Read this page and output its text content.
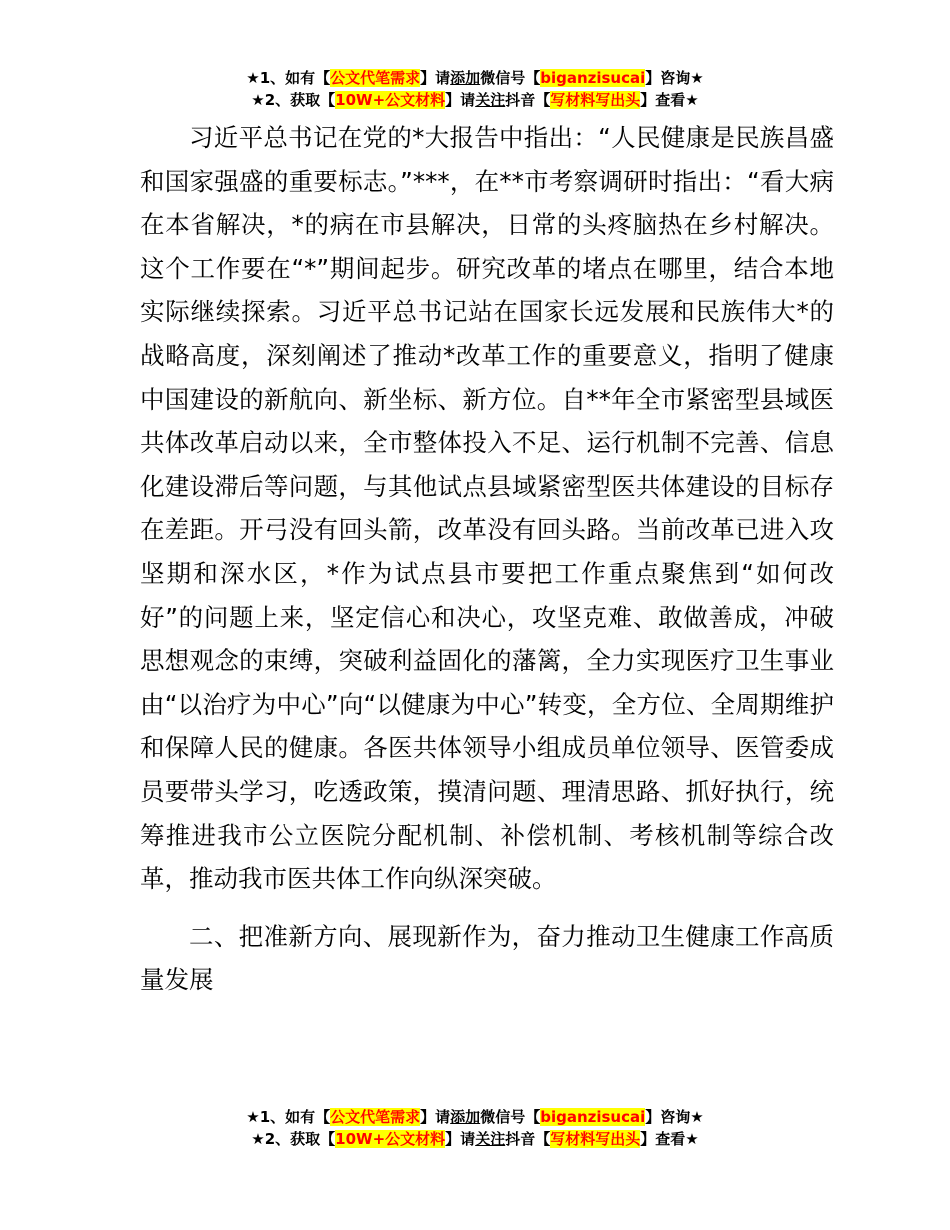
★1、如有【公文代笔需求】请添加微信号【biganzisucai】咨询★
★2、获取【10W+公文材料】请关注抖音【写材料写出头】查看★

习近平总书记在党的*大报告中指出：“人民健康是民族昌盛和国家强盛的重要标志。”***，在**市考察调研时指出：“看大病在本省解决，*的病在市县解决，日常的头疼脑热在乡村解决。这个工作要在“*”期间起步。研究改革的堵点在哪里，结合本地实际继续探索。习近平总书记站在国家长远发展和民族伟大*的战略高度，深刻阐述了推动*改革工作的重要意义，指明了健康中国建设的新航向、新坐标、新方位。自**年全市紧密型县域医共体改革启动以来，全市整体投入不足、运行机制不完善、信息化建设滞后等问题，与其他试点县域紧密型医共体建设的目标存在差距。开弓没有回头箭，改革没有回头路。当前改革已进入攻坚期和深水区，*作为试点县市要把工作重点聚焦到“如何改好”的问题上来，坚定信心和决心，攻坚克难、敢做善成，冲破思想观念的束缚，突破利益固化的藩篱，全力实现医疗卫生事业由“以治疗为中心”向“以健康为中心”转变，全方位、全周期维护和保障人民的健康。各医共体领导小组成员单位领导、医管委成员要带头学习，吃透政策，摸清问题、理清思路、抓好执行，统筹推进我市公立医院分配机制、补偿机制、考核机制等综合改革，推动我市医共体工作向纵深突破。

二、把准新方向、展现新作为，奋力推动卫生健康工作高质量发展

★1、如有【公文代笔需求】请添加微信号【biganzisucai】咨询★
★2、获取【10W+公文材料】请关注抖音【写材料写出头】查看★
